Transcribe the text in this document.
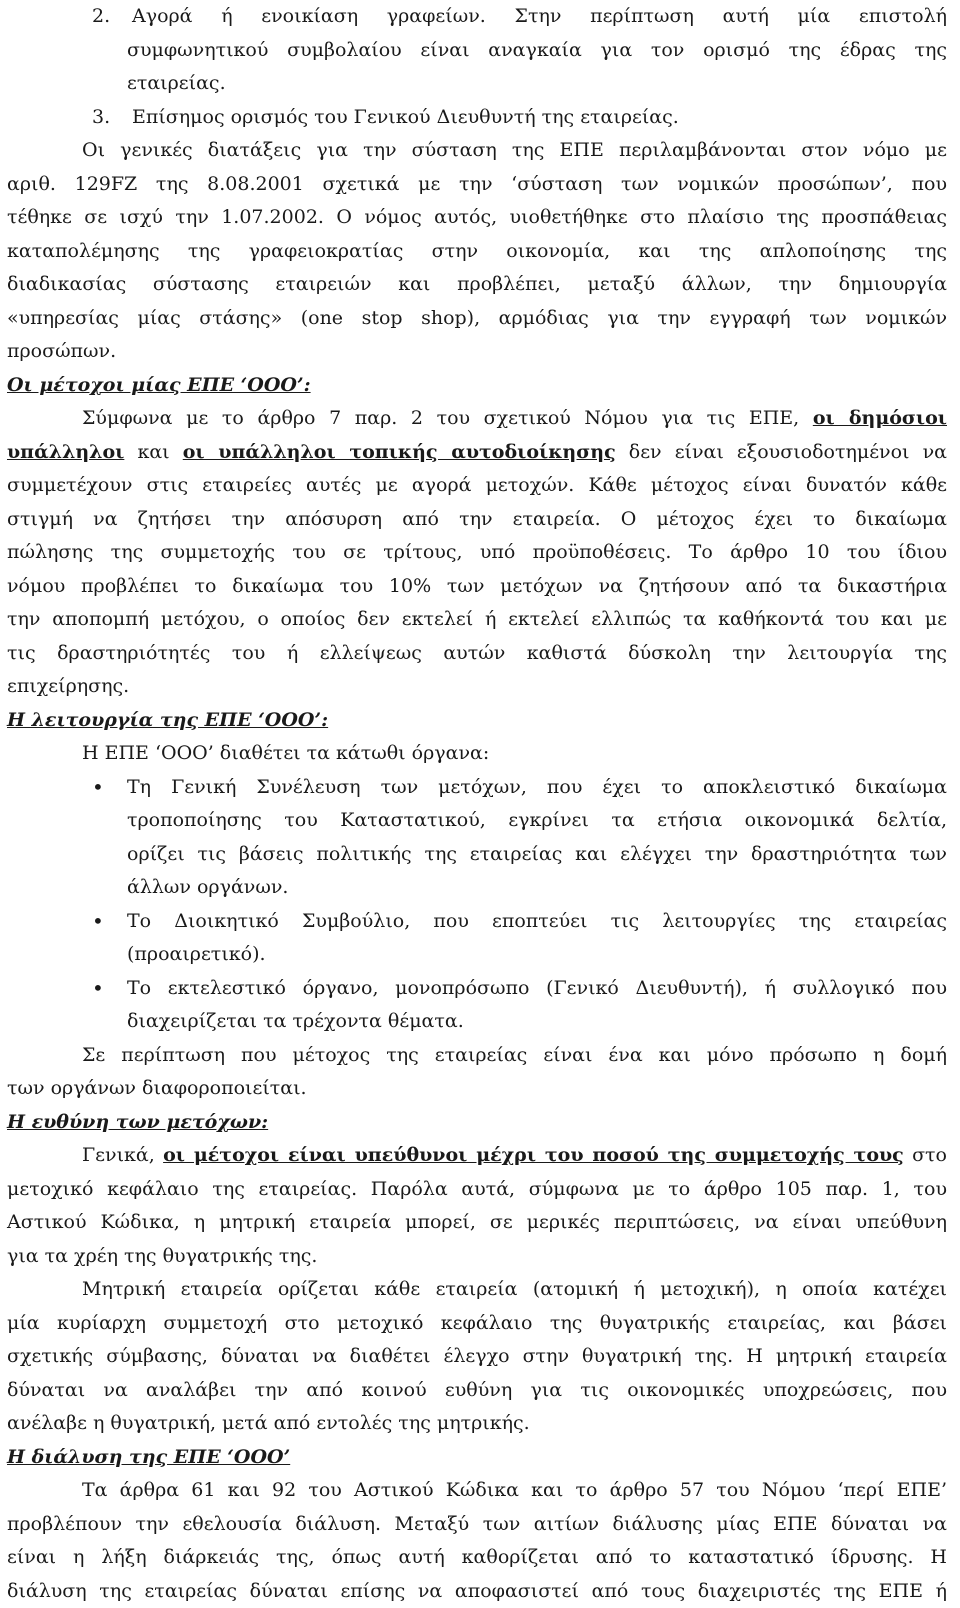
2. Αγορά ή ενοικίαση γραφείων. Στην περίπτωση αυτή μία επιστολή
συμφωνητικού συμβολαίου είναι αναγκαία για τον ορισμό της έδρας της
εταιρείας.
3. Επίσημος ορισμός του Γενικού Διευθυντή της εταιρείας.
Οι γενικές διατάξεις για την σύσταση της ΕΠΕ περιλαμβάνονται στον νόμο με
αριθ. 129FZ της 8.08.2001 σχετικά με την ‘σύσταση των νομικών προσώπων’, που
τέθηκε σε ισχύ την 1.07.2002. Ο νόμος αυτός, υιοθετήθηκε στο πλαίσιο της προσπάθειας
καταπολέμησης της γραφειοκρατίας στην οικονομία, και της απλοποίησης της
διαδικασίας σύστασης εταιρειών και προβλέπει, μεταξύ άλλων, την δημιουργία
«υπηρεσίας μίας στάσης» (one stop shop), αρμόδιας για την εγγραφή των νομικών
προσώπων.
Οι μέτοχοι μίας ΕΠΕ ‘ΟΟΟ’:
Σύμφωνα με το άρθρο 7 παρ. 2 του σχετικού Νόμου για τις ΕΠΕ, οι δημόσιοι
υπάλληλοι και οι υπάλληλοι τοπικής αυτοδιοίκησης δεν είναι εξουσιοδοτημένοι να
συμμετέχουν στις εταιρείες αυτές με αγορά μετοχών. Κάθε μέτοχος είναι δυνατόν κάθε
στιγμή να ζητήσει την απόσυρση από την εταιρεία. Ο μέτοχος έχει το δικαίωμα
πώλησης της συμμετοχής του σε τρίτους, υπό προϋποθέσεις. Το άρθρο 10 του ίδιου
νόμου προβλέπει το δικαίωμα του 10% των μετόχων να ζητήσουν από τα δικαστήρια
την αποπομπή μετόχου, ο οποίος δεν εκτελεί ή εκτελεί ελλιπώς τα καθήκοντά του και με
τις δραστηριότητές του ή ελλείψεως αυτών καθιστά δύσκολη την λειτουργία της
επιχείρησης.
Η λειτουργία της ΕΠΕ ‘ΟΟΟ’:
Η ΕΠΕ ‘ΟΟΟ’ διαθέτει τα κάτωθι όργανα:
•	Τη Γενική Συνέλευση των μετόχων, που έχει το αποκλειστικό δικαίωμα
τροποποίησης του Καταστατικού, εγκρίνει τα ετήσια οικονομικά δελτία,
ορίζει τις βάσεις πολιτικής της εταιρείας και ελέγχει την δραστηριότητα των
άλλων οργάνων.
•	Το Διοικητικό Συμβούλιο, που εποπτεύει τις λειτουργίες της εταιρείας
(προαιρετικό).
•	Το εκτελεστικό όργανο, μονοπρόσωπο (Γενικό Διευθυντή), ή συλλογικό που
διαχειρίζεται τα τρέχοντα θέματα.
Σε περίπτωση που μέτοχος της εταιρείας είναι ένα και μόνο πρόσωπο η δομή
των οργάνων διαφοροποιείται.
Η ευθύνη των μετόχων:
Γενικά, οι μέτοχοι είναι υπεύθυνοι μέχρι του ποσού της συμμετοχής τους στο
μετοχικό κεφάλαιο της εταιρείας. Παρόλα αυτά, σύμφωνα με το άρθρο 105 παρ. 1, του
Αστικού Κώδικα, η μητρική εταιρεία μπορεί, σε μερικές περιπτώσεις, να είναι υπεύθυνη
για τα χρέη της θυγατρικής της.
Μητρική εταιρεία ορίζεται κάθε εταιρεία (ατομική ή μετοχική), η οποία κατέχει
μία κυρίαρχη συμμετοχή στο μετοχικό κεφάλαιο της θυγατρικής εταιρείας, και βάσει
σχετικής σύμβασης, δύναται να διαθέτει έλεγχο στην θυγατρική της. Η μητρική εταιρεία
δύναται να αναλάβει την από κοινού ευθύνη για τις οικονομικές υποχρεώσεις, που
ανέλαβε η θυγατρική, μετά από εντολές της μητρικής.
Η διάλυση της ΕΠΕ ‘ΟΟΟ’
Τα άρθρα 61 και 92 του Αστικού Κώδικα και το άρθρο 57 του Νόμου ‘περί ΕΠΕ’
προβλέπουν την εθελουσία διάλυση. Μεταξύ των αιτίων διάλυσης μίας ΕΠΕ δύναται να
είναι η λήξη διάρκειάς της, όπως αυτή καθορίζεται από το καταστατικό ίδρυσης. Η
διάλυση της εταιρείας δύναται επίσης να αποφασιστεί από τους διαχειριστές της ΕΠΕ ή
